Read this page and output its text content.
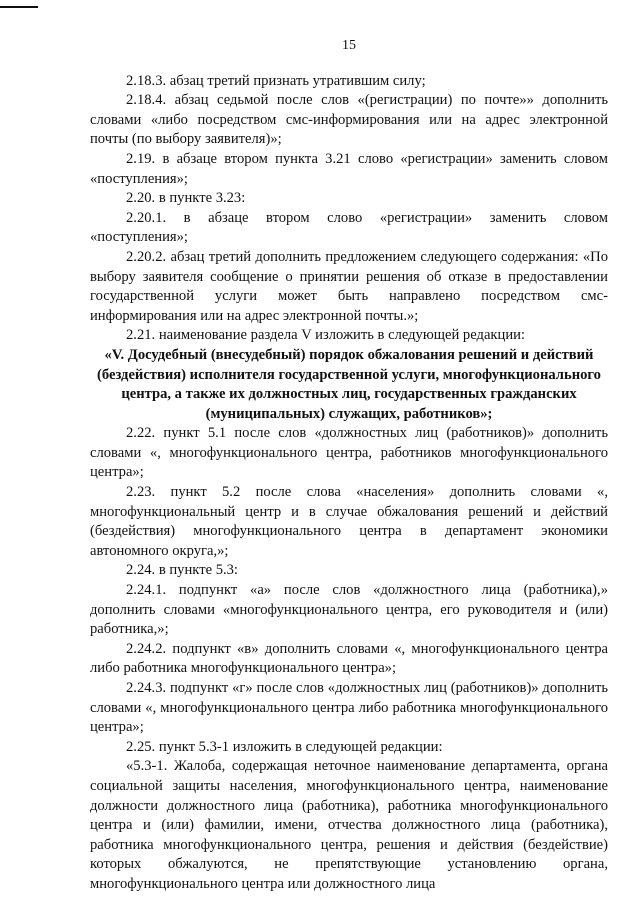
15

2.18.3. абзац третий признать утратившим силу;

2.18.4. абзац седьмой после слов «(регистрации) по почте»» дополнить словами «либо посредством смс-информирования или на адрес электронной почты (по выбору заявителя)»;

2.19. в абзаце втором пункта 3.21 слово «регистрации» заменить словом «поступления»;

2.20. в пункте 3.23:

2.20.1. в абзаце втором слово «регистрации» заменить словом «поступления»;

2.20.2. абзац третий дополнить предложением следующего содержания: «По выбору заявителя сообщение о принятии решения об отказе в предоставлении государственной услуги может быть направлено посредством смс-информирования или на адрес электронной почты.»;

2.21. наименование раздела V изложить в следующей редакции:

«V. Досудебный (внесудебный) порядок обжалования решений и действий (бездействия) исполнителя государственной услуги, многофункционального центра, а также их должностных лиц, государственных гражданских (муниципальных) служащих, работников»;

2.22. пункт 5.1 после слов «должностных лиц (работников)» дополнить словами «, многофункционального центра, работников многофункционального центра»;

2.23. пункт 5.2 после слова «населения» дополнить словами «, многофункциональный центр и в случае обжалования решений и действий (бездействия) многофункционального центра в департамент экономики автономного округа,»;

2.24. в пункте 5.3:

2.24.1. подпункт «а» после слов «должностного лица (работника),» дополнить словами «многофункционального центра, его руководителя и (или) работника,»;

2.24.2. подпункт «в» дополнить словами «, многофункционального центра либо работника многофункционального центра»;

2.24.3. подпункт «г» после слов «должностных лиц (работников)» дополнить словами «, многофункционального центра либо работника многофункционального центра»;

2.25. пункт 5.3-1 изложить в следующей редакции:

«5.3-1. Жалоба, содержащая неточное наименование департамента, органа социальной защиты населения, многофункционального центра, наименование должности должностного лица (работника), работника многофункционального центра и (или) фамилии, имени, отчества должностного лица (работника), работника многофункционального центра, решения и действия (бездействие) которых обжалуются, не препятствующие установлению органа, многофункционального центра или должностного лица
